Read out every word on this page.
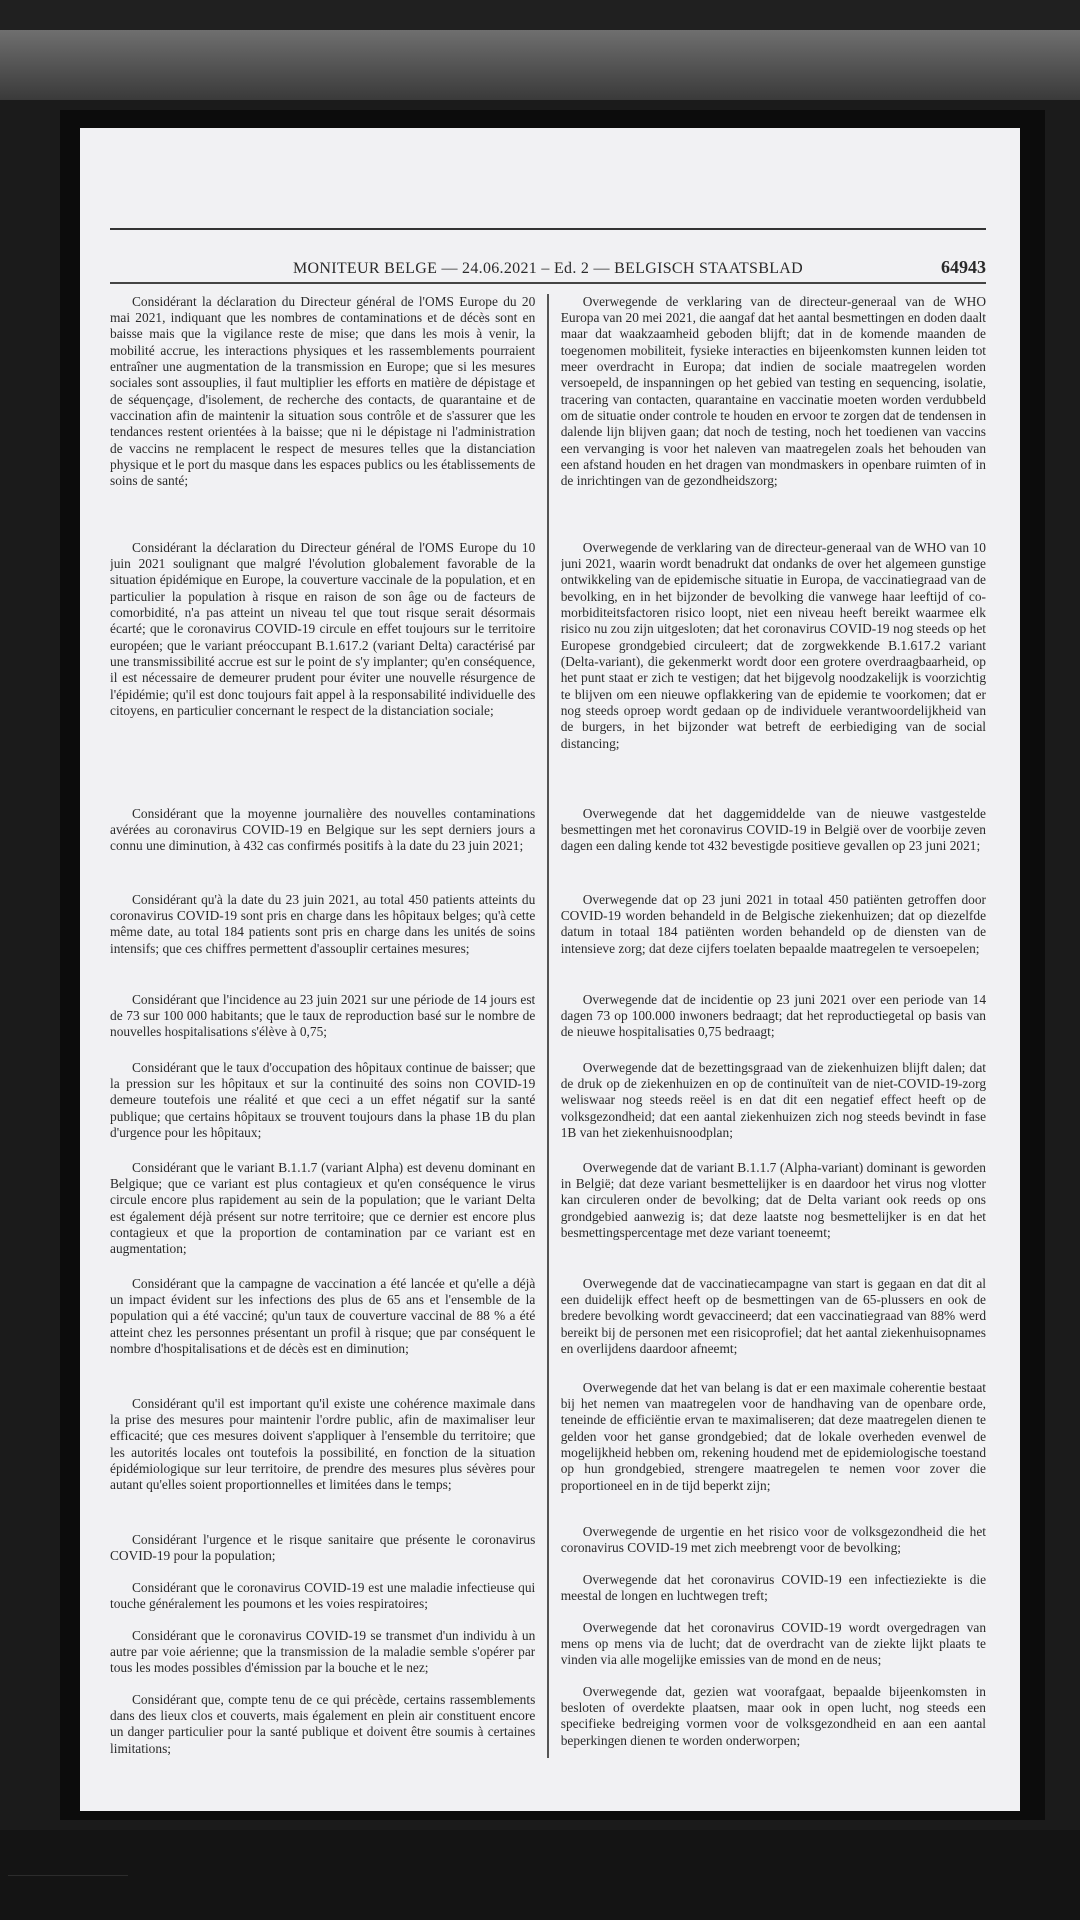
MONITEUR BELGE — 24.06.2021 – Ed. 2 — BELGISCH STAATSBLAD	64943

Considérant la déclaration du Directeur général de l'OMS Europe du 20 mai 2021, indiquant que les nombres de contaminations et de décès sont en baisse mais que la vigilance reste de mise; que dans les mois à venir, la mobilité accrue, les interactions physiques et les rassemblements pourraient entraîner une augmentation de la transmission en Europe; que si les mesures sociales sont assouplies, il faut multiplier les efforts en matière de dépistage et de séquençage, d'isolement, de recherche des contacts, de quarantaine et de vaccination afin de maintenir la situation sous contrôle et de s'assurer que les tendances restent orientées à la baisse; que ni le dépistage ni l'administration de vaccins ne remplacent le respect de mesures telles que la distanciation physique et le port du masque dans les espaces publics ou les établissements de soins de santé;

Considérant la déclaration du Directeur général de l'OMS Europe du 10 juin 2021 soulignant que malgré l'évolution globalement favorable de la situation épidémique en Europe, la couverture vaccinale de la population, et en particulier la population à risque en raison de son âge ou de facteurs de comorbidité, n'a pas atteint un niveau tel que tout risque serait désormais écarté; que le coronavirus COVID-19 circule en effet toujours sur le territoire européen; que le variant préoccupant B.1.617.2 (variant Delta) caractérisé par une transmissibilité accrue est sur le point de s'y implanter; qu'en conséquence, il est nécessaire de demeurer prudent pour éviter une nouvelle résurgence de l'épidémie; qu'il est donc toujours fait appel à la responsabilité individuelle des citoyens, en particulier concernant le respect de la distanciation sociale;

Considérant que la moyenne journalière des nouvelles contaminations avérées au coronavirus COVID-19 en Belgique sur les sept derniers jours a connu une diminution, à 432 cas confirmés positifs à la date du 23 juin 2021;

Considérant qu'à la date du 23 juin 2021, au total 450 patients atteints du coronavirus COVID-19 sont pris en charge dans les hôpitaux belges; qu'à cette même date, au total 184 patients sont pris en charge dans les unités de soins intensifs; que ces chiffres permettent d'assouplir certaines mesures;

Considérant que l'incidence au 23 juin 2021 sur une période de 14 jours est de 73 sur 100 000 habitants; que le taux de reproduction basé sur le nombre de nouvelles hospitalisations s'élève à 0,75;

Considérant que le taux d'occupation des hôpitaux continue de baisser; que la pression sur les hôpitaux et sur la continuité des soins non COVID-19 demeure toutefois une réalité et que ceci a un effet négatif sur la santé publique; que certains hôpitaux se trouvent toujours dans la phase 1B du plan d'urgence pour les hôpitaux;

Considérant que le variant B.1.1.7 (variant Alpha) est devenu dominant en Belgique; que ce variant est plus contagieux et qu'en conséquence le virus circule encore plus rapidement au sein de la population; que le variant Delta est également déjà présent sur notre territoire; que ce dernier est encore plus contagieux et que la proportion de contamination par ce variant est en augmentation;

Considérant que la campagne de vaccination a été lancée et qu'elle a déjà un impact évident sur les infections des plus de 65 ans et l'ensemble de la population qui a été vacciné; qu'un taux de couverture vaccinal de 88 % a été atteint chez les personnes présentant un profil à risque; que par conséquent le nombre d'hospitalisations et de décès est en diminution;

Considérant qu'il est important qu'il existe une cohérence maximale dans la prise des mesures pour maintenir l'ordre public, afin de maximaliser leur efficacité; que ces mesures doivent s'appliquer à l'ensemble du territoire; que les autorités locales ont toutefois la possibilité, en fonction de la situation épidémiologique sur leur territoire, de prendre des mesures plus sévères pour autant qu'elles soient proportionnelles et limitées dans le temps;

Considérant l'urgence et le risque sanitaire que présente le coronavirus COVID-19 pour la population;

Considérant que le coronavirus COVID-19 est une maladie infectieuse qui touche généralement les poumons et les voies respiratoires;

Considérant que le coronavirus COVID-19 se transmet d'un individu à un autre par voie aérienne; que la transmission de la maladie semble s'opérer par tous les modes possibles d'émission par la bouche et le nez;

Considérant que, compte tenu de ce qui précède, certains rassemblements dans des lieux clos et couverts, mais également en plein air constituent encore un danger particulier pour la santé publique et doivent être soumis à certaines limitations;

Overwegende de verklaring van de directeur-generaal van de WHO Europa van 20 mei 2021, die aangaf dat het aantal besmettingen en doden daalt maar dat waakzaamheid geboden blijft; dat in de komende maanden de toegenomen mobiliteit, fysieke interacties en bijeenkomsten kunnen leiden tot meer overdracht in Europa; dat indien de sociale maatregelen worden versoepeld, de inspanningen op het gebied van testing en sequencing, isolatie, tracering van contacten, quarantaine en vaccinatie moeten worden verdubbeld om de situatie onder controle te houden en ervoor te zorgen dat de tendensen in dalende lijn blijven gaan; dat noch de testing, noch het toedienen van vaccins een vervanging is voor het naleven van maatregelen zoals het behouden van een afstand houden en het dragen van mondmaskers in openbare ruimten of in de inrichtingen van de gezondheidszorg;

Overwegende de verklaring van de directeur-generaal van de WHO van 10 juni 2021, waarin wordt benadrukt dat ondanks de over het algemeen gunstige ontwikkeling van de epidemische situatie in Europa, de vaccinatiegraad van de bevolking, en in het bijzonder de bevolking die vanwege haar leeftijd of co-morbiditeitsfactoren risico loopt, niet een niveau heeft bereikt waarmee elk risico nu zou zijn uitgesloten; dat het coronavirus COVID-19 nog steeds op het Europese grondgebied circuleert; dat de zorgwekkende B.1.617.2 variant (Delta-variant), die gekenmerkt wordt door een grotere overdraagbaarheid, op het punt staat er zich te vestigen; dat het bijgevolg noodzakelijk is voorzichtig te blijven om een nieuwe opflakkering van de epidemie te voorkomen; dat er nog steeds oproep wordt gedaan op de individuele verantwoordelijkheid van de burgers, in het bijzonder wat betreft de eerbiediging van de social distancing;

Overwegende dat het daggemiddelde van de nieuwe vastgestelde besmettingen met het coronavirus COVID-19 in België over de voorbije zeven dagen een daling kende tot 432 bevestigde positieve gevallen op 23 juni 2021;

Overwegende dat op 23 juni 2021 in totaal 450 patiënten getroffen door COVID-19 worden behandeld in de Belgische ziekenhuizen; dat op diezelfde datum in totaal 184 patiënten worden behandeld op de diensten van de intensieve zorg; dat deze cijfers toelaten bepaalde maatregelen te versoepelen;

Overwegende dat de incidentie op 23 juni 2021 over een periode van 14 dagen 73 op 100.000 inwoners bedraagt; dat het reproductiegetal op basis van de nieuwe hospitalisaties 0,75 bedraagt;

Overwegende dat de bezettingsgraad van de ziekenhuizen blijft dalen; dat de druk op de ziekenhuizen en op de continuïteit van de niet-COVID-19-zorg weliswaar nog steeds reëel is en dat dit een negatief effect heeft op de volksgezondheid; dat een aantal ziekenhuizen zich nog steeds bevindt in fase 1B van het ziekenhuisnoodplan;

Overwegende dat de variant B.1.1.7 (Alpha-variant) dominant is geworden in België; dat deze variant besmettelijker is en daardoor het virus nog vlotter kan circuleren onder de bevolking; dat de Delta variant ook reeds op ons grondgebied aanwezig is; dat deze laatste nog besmettelijker is en dat het besmettingspercentage met deze variant toeneemt;

Overwegende dat de vaccinatiecampagne van start is gegaan en dat dit al een duidelijk effect heeft op de besmettingen van de 65-plussers en ook de bredere bevolking wordt gevaccineerd; dat een vaccinatiegraad van 88% werd bereikt bij de personen met een risicoprofiel; dat het aantal ziekenhuisopnames en overlijdens daardoor afneemt;

Overwegende dat het van belang is dat er een maximale coherentie bestaat bij het nemen van maatregelen voor de handhaving van de openbare orde, teneinde de efficiëntie ervan te maximaliseren; dat deze maatregelen dienen te gelden voor het ganse grondgebied; dat de lokale overheden evenwel de mogelijkheid hebben om, rekening houdend met de epidemiologische toestand op hun grondgebied, strengere maatregelen te nemen voor zover die proportioneel en in de tijd beperkt zijn;

Overwegende de urgentie en het risico voor de volksgezondheid die het coronavirus COVID-19 met zich meebrengt voor de bevolking;

Overwegende dat het coronavirus COVID-19 een infectieziekte is die meestal de longen en luchtwegen treft;

Overwegende dat het coronavirus COVID-19 wordt overgedragen van mens op mens via de lucht; dat de overdracht van de ziekte lijkt plaats te vinden via alle mogelijke emissies van de mond en de neus;

Overwegende dat, gezien wat voorafgaat, bepaalde bijeenkomsten in besloten of overdekte plaatsen, maar ook in open lucht, nog steeds een specifieke bedreiging vormen voor de volksgezondheid en aan een aantal beperkingen dienen te worden onderworpen;
